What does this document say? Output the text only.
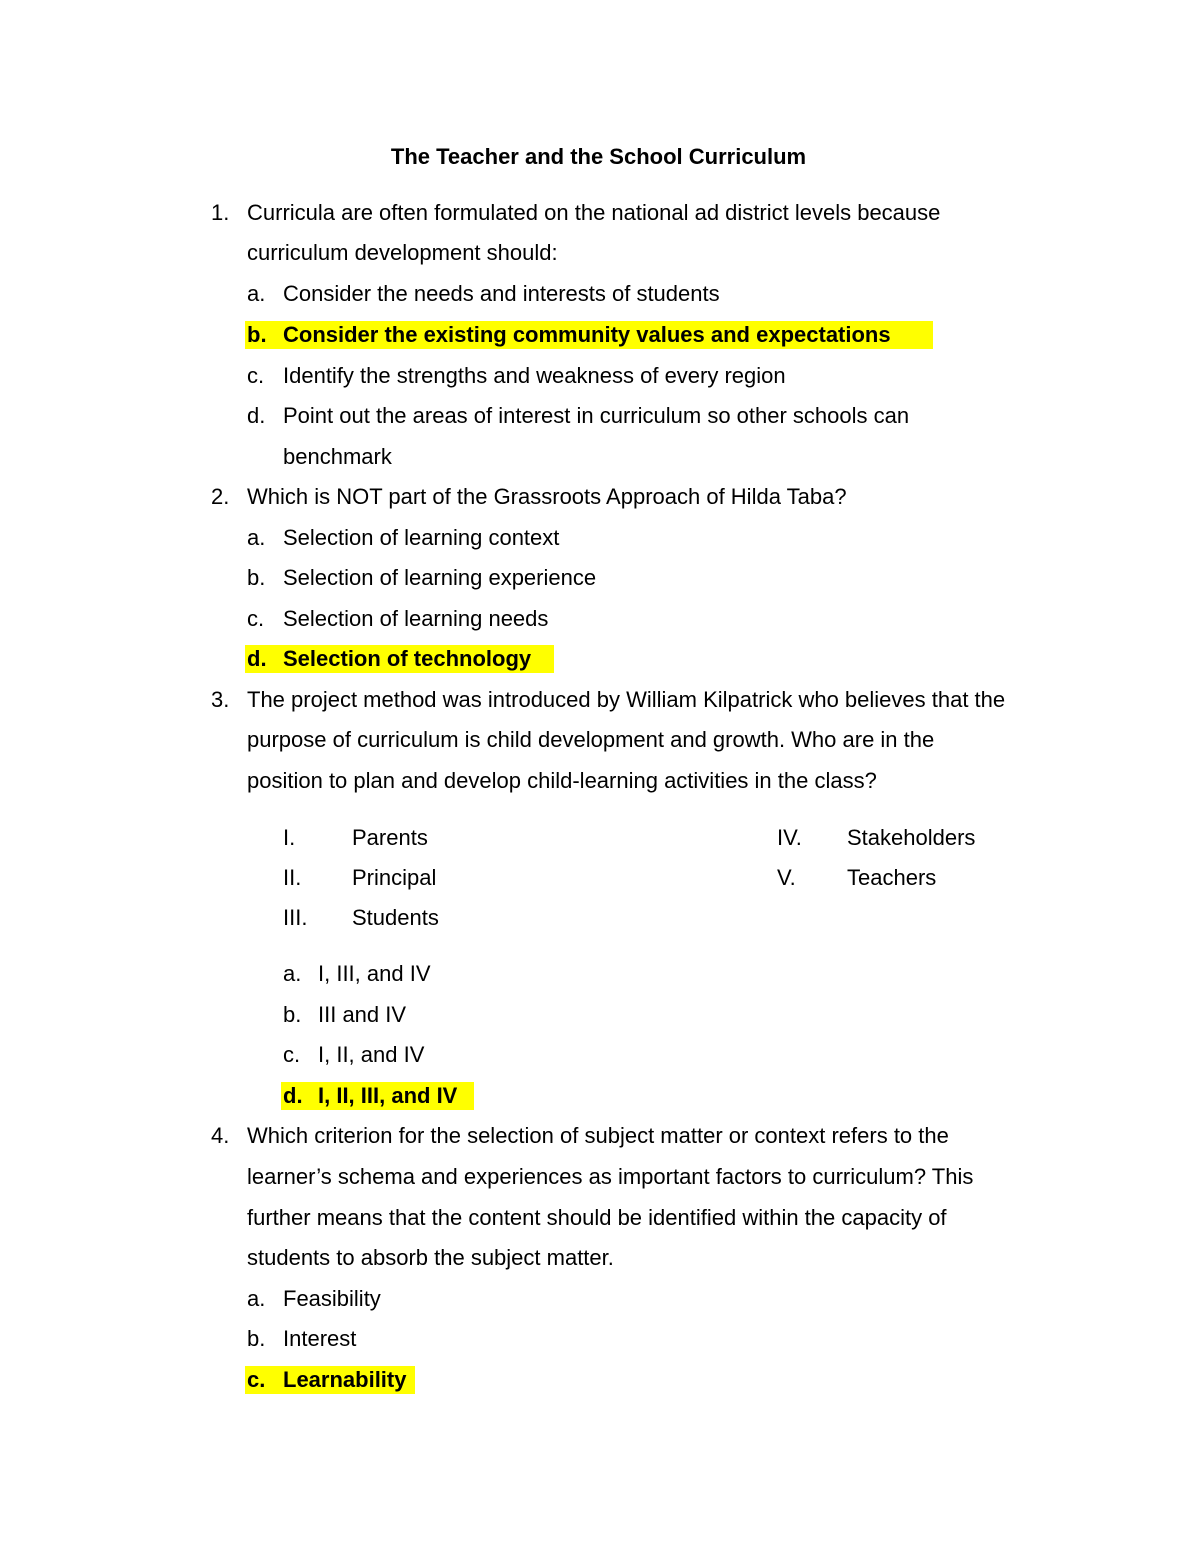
The Teacher and the School Curriculum
1. Curricula are often formulated on the national ad district levels because
curriculum development should:
a. Consider the needs and interests of students
b. Consider the existing community values and expectations
c. Identify the strengths and weakness of every region
d. Point out the areas of interest in curriculum so other schools can
benchmark
2. Which is NOT part of the Grassroots Approach of Hilda Taba?
a. Selection of learning context
b. Selection of learning experience
c. Selection of learning needs
d. Selection of technology
3. The project method was introduced by William Kilpatrick who believes that the
purpose of curriculum is child development and growth. Who are in the
position to plan and develop child-learning activities in the class?
I.	Parents	IV. Stakeholders
II. Principal	V. Teachers
III. Students
a. I, III, and IV
b. III and IV
c. I, II, and IV
d. I, II, III, and IV
4. Which criterion for the selection of subject matter or context refers to the
learner’s schema and experiences as important factors to curriculum? This
further means that the content should be identified within the capacity of
students to absorb the subject matter.
a. Feasibility
b. Interest
c. Learnability
